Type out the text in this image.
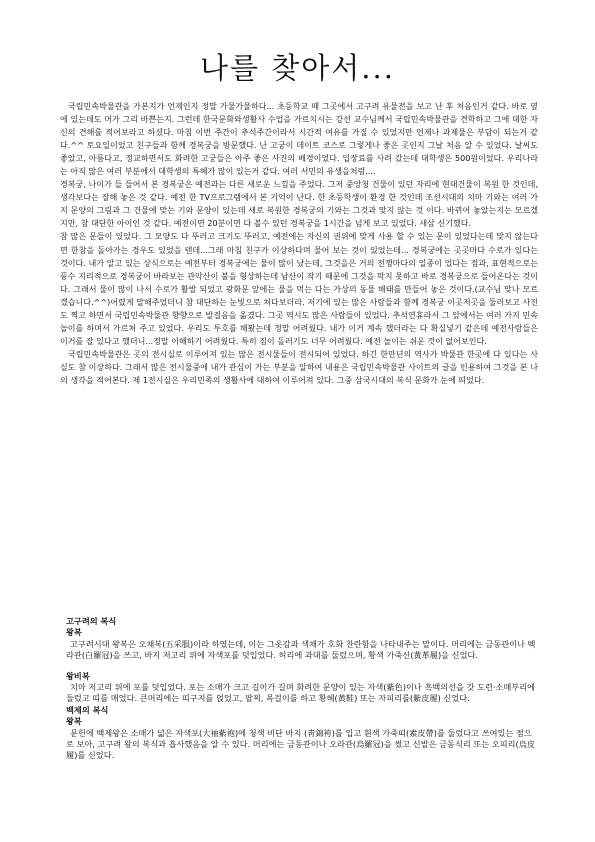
나를 찾아서...

국립민속박물관을 가본지가 언제인지 정말 가물가물하다... 초등학교 때 그곳에서 고구려 유물전을 보고 난 후 처음인거 같다. 바로 옆에 있는데도 머가 그리 바쁜는지. 그런데 한국문화와생활사 수업을 가르치시는 강선 교수님께서 국립민속박물관을 견학하고 그에 대한 자신의 견해를 적어보라고 하셨다. 마침 이번 주간이 추석주간이라서 시간적 여유를 가질 수 있었지만 언제나 과제물은 부담이 되는거 같다.^^ 토요일이었고 친구들과 함께 경복궁을 방문했다. 난 고궁이 데이트 코스로 그렇게나 좋은 곳인지 그날 처음 알 수 있었다. 날씨도 좋았고, 아름다고, 정교하면서도 화려한 고궁들은 아주 좋은 사진의 배경이었다. 입장료를 사려 갔는데 대학생은 500원이었다. 우리나라는 아직 많은 여러 부분에서 대학생의 특혜가 많이 있는거 같다. 여러 서민의 유생을처럼....

경복궁, 나이가 들 들어서 본 경복궁은 예전과는 다른 새로운 느낌을 주었다. 그저 중앙청 건물이 있던 자리에 현대건물이 복원 한 것인데, 생각보다는 잘해 놓은 것 같다. 예전 한 TV프로그램에서 본 기억이 난다. 한 초등학생이 환경 한 것인데 조선시대의 치마 기와는 여러 가지 문양의 그림과 그 건물에 맞는 기와 문양이 있는데 새로 복원한 경복궁의 기와는 그것과 맞지 않는 것 이다. 바뀌어 놓았는지는 모르겠지만, 참 대단한 아이인 것 같다. 예전이면 20분이면 다 볼수 있던 경복궁을 1시간을 넘게 보고 있었다. 새삼 신기했다.

참 많은 문들이 있었다. 그 모양도 다 뚜러고 크기도 뚜러고, 예전에는 자신의 권위에 맞게 사용 할 수 있는 문이 있었다는데 맞지 않는다면 한참을 돌아가는 경우도 있었을 텐데...그래 마침 친구가 이상하다며 물어 보는 것이 있었는데... 경복궁에는 곳곳마다 수로가 있다는 것이다. 내가 알고 있는 상식으로는 예전부터 경복궁에는 물이 많이 났는데, 그것을은 거의 전쟁마다의 일종이 었다는 점과, 표현적으로는 풍수 지리적으로 경복궁이 바라보는 관악산이 불을 형상하는데 남산이 작기 때문에 그것을 막지 못하고 바로 경복궁으로 들어온다는 것이다. 그래서 물이 많이 나서 수로가 활발 되었고 광화문 앞에는 물을 먹는 다는 가상의 동물 해태를 만들어 놓은 것이다.(교수님 맞나 모르겠습니다.^^)어렸게 말해주었더니 참 대단하는 눈빛으로 쳐다보더라. 저기에 있는 많은 사람들과 함께 경복궁 이곳저곳을 둘러보고 사진도 찍고 하면서 국립민속박물관 향향으로 발걸음을 옮겼다. 그곳 역시도 많은 사람들이 있었다. 추석연휴라서 그 앞에서는 여러 가지 민속놀이를 하며서 가르쳐 주고 있었다. 우리도 투호를 해봤는데 정말 어려웠다. 내가 이거 계속 했더라는 다 확실넣기 같은데 예전사람들은 이거를 잘 있다고 했더니...정말 이해하기 어려웠다. 특히 짐이 돌러기도 너무 어려웠다. 예전 놀이는 쉬운 것이 없어보인다.

국립민속박물관은 곳의 전시실로 이루어져 있는 많은 전시물들이 전시되어 있었다. 하긴 한만년의 역사가 박물관 한곳에 다 있다는 사실도 참 이상하다. 그래서 많은 전시물중에 내가 관심이 가는 부분을 알하여 내용은 국립민속박물관 사이트의 글을 인용하여 그것을 본 나의 생각을 적어본다. 제 1전시실은 우리민족의 생활사에 대하여 이루어져 있다. 그중 삼국시대의 복식 문화가 눈에 띄었다.

고구려의 복식

왕복

고구려시대 왕복은 오채복(五采服)이라 하였는데, 이는 그옷감과 색채가 호화 찬란함을 나타내주는 말이다. 머리에는 금동관이나 백라관(白羅冠)을 쓰고, 바지 저고리 위에 자색포를 덧입었다. 허리에 과대를 둘렀으며, 황색 가죽신(黃革履)을 신었다.

왕비복

치마 저고리 위에 포를 덧입었다. 포는 소매가 크고 길이가 길며 화려한 문양이 있는 자색(紫色)이나 흑백의선을 갓 도련·소매부리에 둘렀고 띠를 매었다. 큰머리에는 띠구지를 얹었고, 팔찌, 목걸이를 하고 황혜(黃鞋) 또는 자피리를(紫皮履) 신었다.

백제의 복식

왕복

문헌에 백제왕은 소매가 넓은 자색포(大袖紫袍)에 청색 비단 바지 (靑錦袴)를 입고 흰색 가죽띠(素皮帶)를 둘렀다고 쓰여있는 점으로 보아, 고구려 왕의 복식과 흡사했음을 알 수 있다. 머리에는 금동관이나 오라관(烏羅冠)을 썼고 신발은 금동식리 또는 오피리(烏皮履)를 신었다.
